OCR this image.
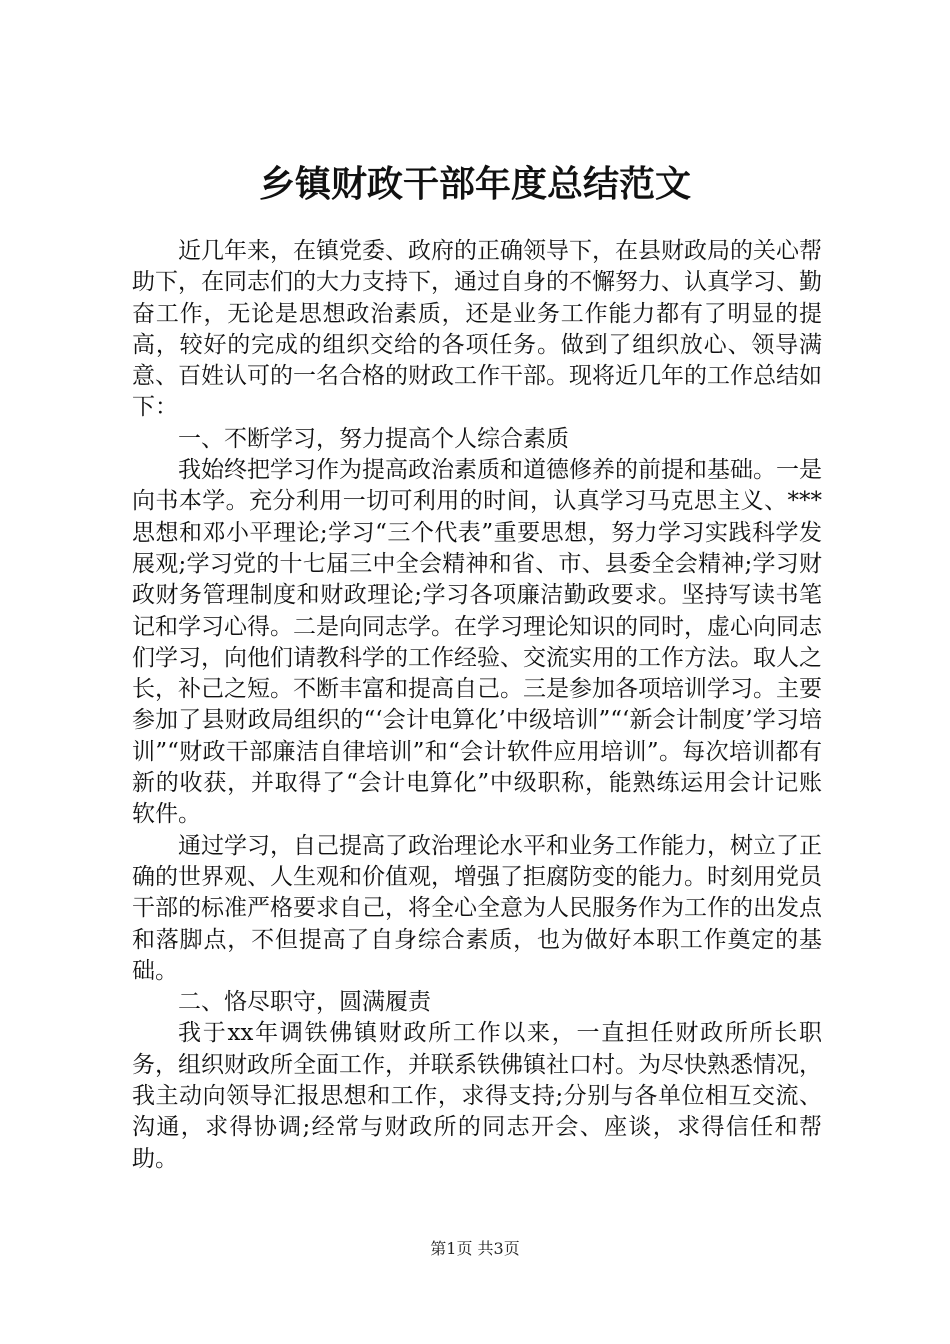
乡镇财政干部年度总结范文

近几年来，在镇党委、政府的正确领导下，在县财政局的关心帮助下，在同志们的大力支持下，通过自身的不懈努力、认真学习、勤奋工作，无论是思想政治素质，还是业务工作能力都有了明显的提高，较好的完成的组织交给的各项任务。做到了组织放心、领导满意、百姓认可的一名合格的财政工作干部。现将近几年的工作总结如下：

一、不断学习，努力提高个人综合素质

我始终把学习作为提高政治素质和道德修养的前提和基础。一是向书本学。充分利用一切可利用的时间，认真学习马克思主义、***思想和邓小平理论;学习“三个代表”重要思想，努力学习实践科学发展观;学习党的十七届三中全会精神和省、市、县委全会精神;学习财政财务管理制度和财政理论;学习各项廉洁勤政要求。坚持写读书笔记和学习心得。二是向同志学。在学习理论知识的同时，虚心向同志们学习，向他们请教科学的工作经验、交流实用的工作方法。取人之长，补己之短。不断丰富和提高自己。三是参加各项培训学习。主要参加了县财政局组织的“‘会计电算化’中级培训”“‘新会计制度’学习培训”“财政干部廉洁自律培训”和“会计软件应用培训”。每次培训都有新的收获，并取得了“会计电算化”中级职称，能熟练运用会计记账软件。

通过学习，自己提高了政治理论水平和业务工作能力，树立了正确的世界观、人生观和价值观，增强了拒腐防变的能力。时刻用党员干部的标准严格要求自己，将全心全意为人民服务作为工作的出发点和落脚点，不但提高了自身综合素质，也为做好本职工作奠定的基础。

二、恪尽职守，圆满履责

我于xx年调铁佛镇财政所工作以来，一直担任财政所所长职务，组织财政所全面工作，并联系铁佛镇社口村。为尽快熟悉情况，我主动向领导汇报思想和工作，求得支持;分别与各单位相互交流、沟通，求得协调;经常与财政所的同志开会、座谈，求得信任和帮助。

第1页 共3页
